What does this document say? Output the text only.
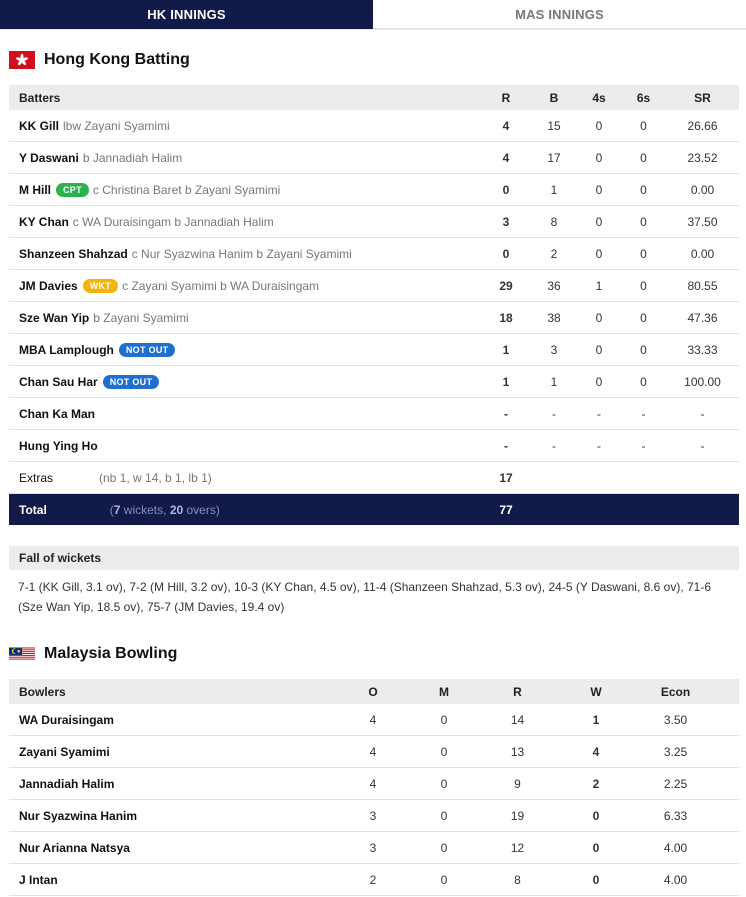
HK INNINGS	MAS INNINGS
Hong Kong Batting
Batters	R	B	4s	6s	SR
KK Gill lbw Zayani Syamimi	4	15	0	0	26.66
Y Daswani b Jannadiah Halim	4	17	0	0	23.52
M Hill CPT c Christina Baret b Zayani Syamimi	0	1	0	0	0.00
KY Chan c WA Duraisingam b Jannadiah Halim	3	8	0	0	37.50
Shanzeen Shahzad c Nur Syazwina Hanim b Zayani Syamimi	0	2	0	0	0.00
JM Davies WKT c Zayani Syamimi b WA Duraisingam	29	36	1	0	80.55
Sze Wan Yip b Zayani Syamimi	18	38	0	0	47.36
MBA Lamplough NOT OUT	1	3	0	0	33.33
Chan Sau Har NOT OUT	1	1	0	0	100.00
Chan Ka Man	-	-	-	-	-
Hung Ying Ho	-	-	-	-	-
Extras (nb 1, w 14, b 1, lb 1)	17				
Total (7 wickets, 20 overs)	77				
Fall of wickets
7-1 (KK Gill, 3.1 ov), 7-2 (M Hill, 3.2 ov), 10-3 (KY Chan, 4.5 ov), 11-4 (Shanzeen Shahzad, 5.3 ov), 24-5 (Y Daswani, 8.6 ov), 71-6 (Sze Wan Yip, 18.5 ov), 75-7 (JM Davies, 19.4 ov)
Malaysia Bowling
Bowlers	O	M	R	W	Econ
WA Duraisingam	4	0	14	1	3.50
Zayani Syamimi	4	0	13	4	3.25
Jannadiah Halim	4	0	9	2	2.25
Nur Syazwina Hanim	3	0	19	0	6.33
Nur Arianna Natsya	3	0	12	0	4.00
J Intan	2	0	8	0	4.00
